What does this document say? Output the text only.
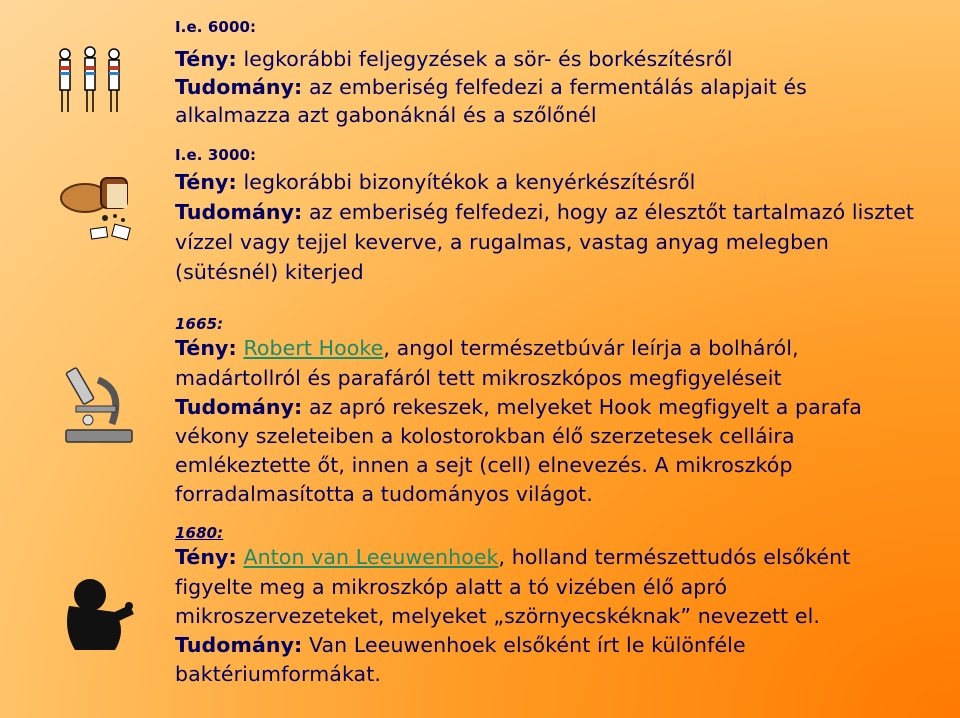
I.e. 6000:
Tény: legkorábbi feljegyzések a sör- és borkészítésről
Tudomány: az emberiség felfedezi a fermentálás alapjait és
alkalmazza azt gabonáknál és a szőlőnél
I.e. 3000:
Tény: legkorábbi bizonyítékok a kenyérkészítésről
Tudomány: az emberiség felfedezi, hogy az élesztőt tartalmazó lisztet
vízzel vagy tejjel keverve, a rugalmas, vastag anyag melegben
(sütésnél) kiterjed
1665:
Tény: Robert Hooke, angol természetbúvár leírja a bolháról,
madártollról és parafáról tett mikroszkópos megfigyeléseit
Tudomány: az apró rekeszek, melyeket Hook megfigyelt a parafa
vékony szeleteiben a kolostorokban élő szerzetesek celláira
emlékeztette őt, innen a sejt (cell) elnevezés. A mikroszkóp
forradalmasította a tudományos világot.
1680:
Tény: Anton van Leeuwenhoek, holland természettudós elsőként
figyelte meg a mikroszkóp alatt a tó vizében élő apró
mikroszervezeteket, melyeket „szörnyecskéknak” nevezett el.
Tudomány: Van Leeuwenhoek elsőként írt le különféle
baktériumformákat.
